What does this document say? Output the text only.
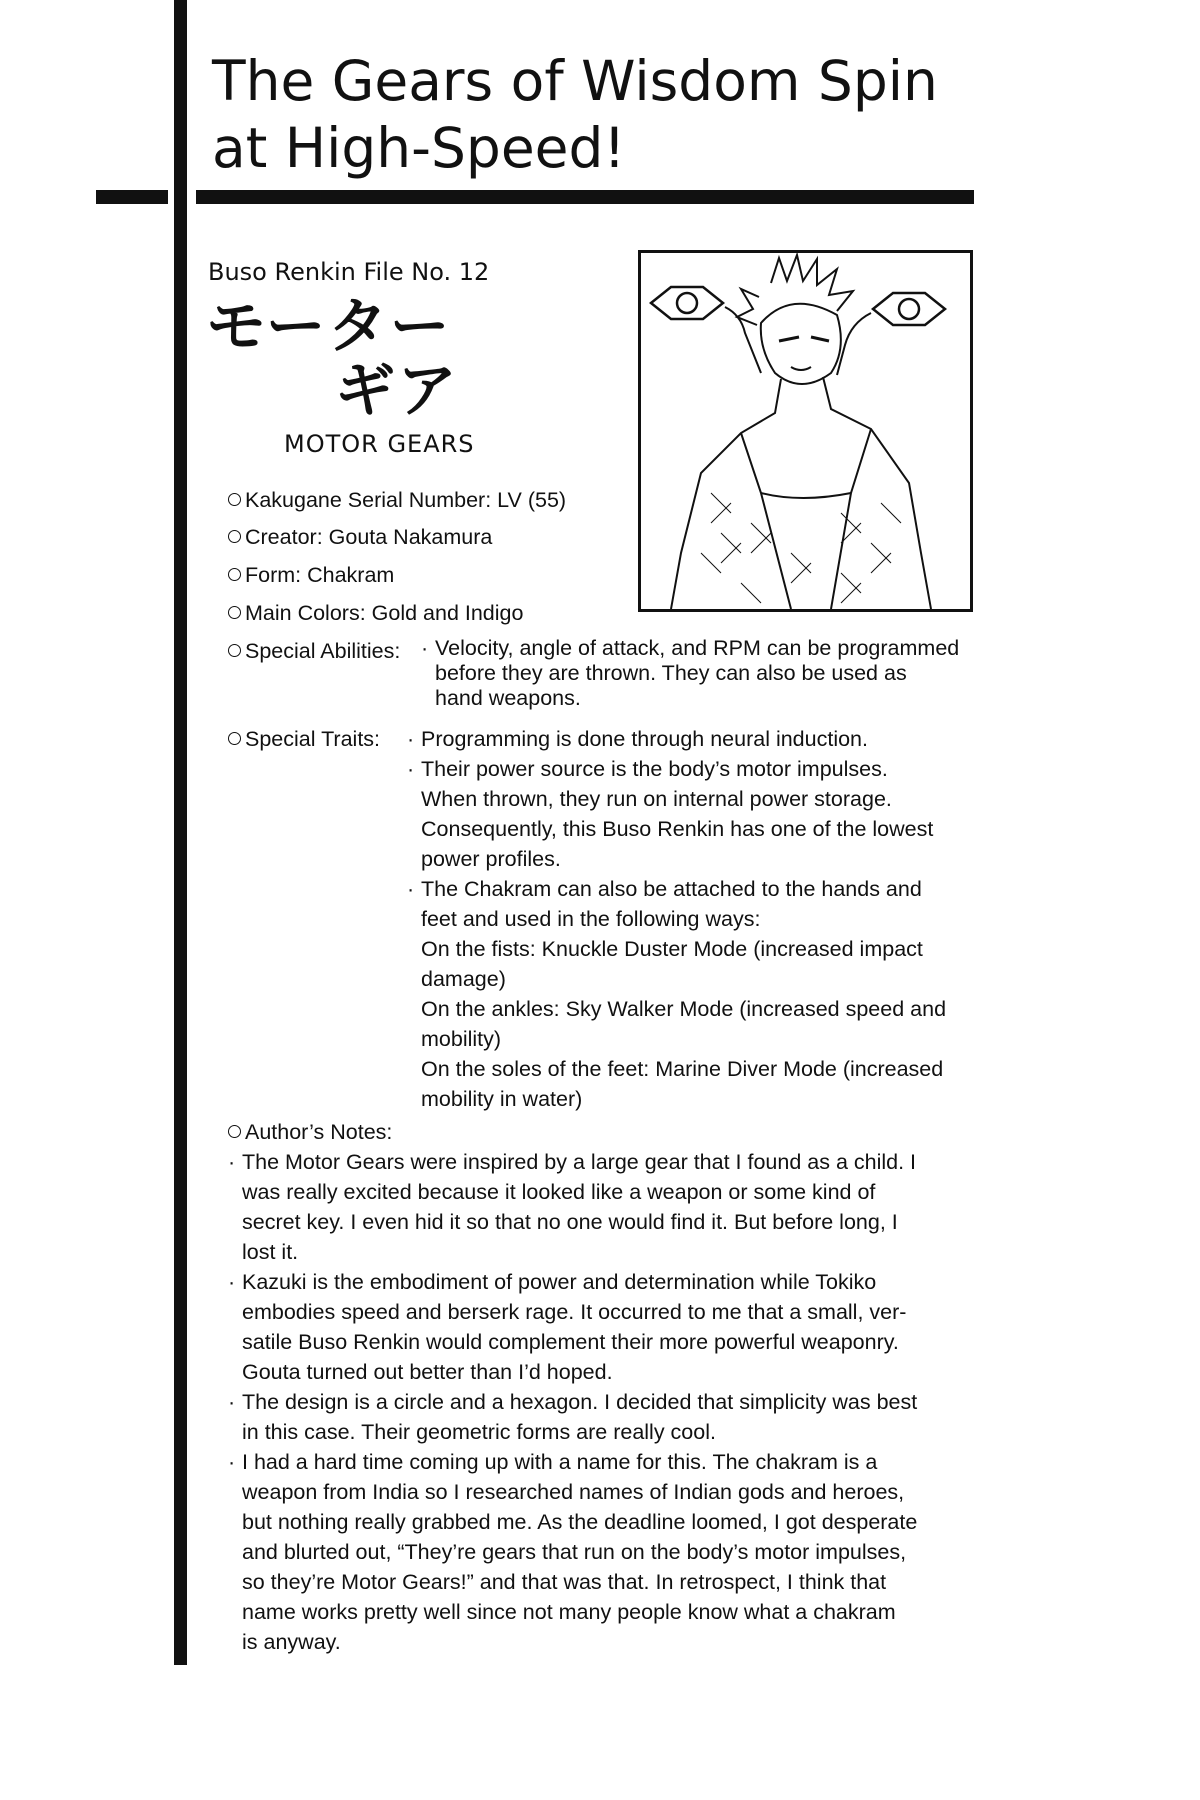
The Gears of Wisdom Spin
at High-Speed!
Buso Renkin File No. 12
モーター
ギア
MOTOR GEARS
Kakugane Serial Number: LV (55)
Creator: Gouta Nakamura
Form: Chakram
Main Colors: Gold and Indigo
Special Abilities: · Velocity, angle of attack, and RPM can be programmed
before they are thrown. They can also be used as
hand weapons.
Special Traits: · Programming is done through neural induction.
· Their power source is the body’s motor impulses.
When thrown, they run on internal power storage.
Consequently, this Buso Renkin has one of the lowest
power profiles.
· The Chakram can also be attached to the hands and
feet and used in the following ways:
On the fists: Knuckle Duster Mode (increased impact
damage)
On the ankles: Sky Walker Mode (increased speed and
mobility)
On the soles of the feet: Marine Diver Mode (increased
mobility in water)
Author’s Notes:
· The Motor Gears were inspired by a large gear that I found as a child. I
was really excited because it looked like a weapon or some kind of
secret key. I even hid it so that no one would find it. But before long, I
lost it.
· Kazuki is the embodiment of power and determination while Tokiko
embodies speed and berserk rage. It occurred to me that a small, ver-
satile Buso Renkin would complement their more powerful weaponry.
Gouta turned out better than I’d hoped.
· The design is a circle and a hexagon. I decided that simplicity was best
in this case. Their geometric forms are really cool.
· I had a hard time coming up with a name for this. The chakram is a
weapon from India so I researched names of Indian gods and heroes,
but nothing really grabbed me. As the deadline loomed, I got desperate
and blurted out, “They’re gears that run on the body’s motor impulses,
so they’re Motor Gears!” and that was that. In retrospect, I think that
name works pretty well since not many people know what a chakram
is anyway.
